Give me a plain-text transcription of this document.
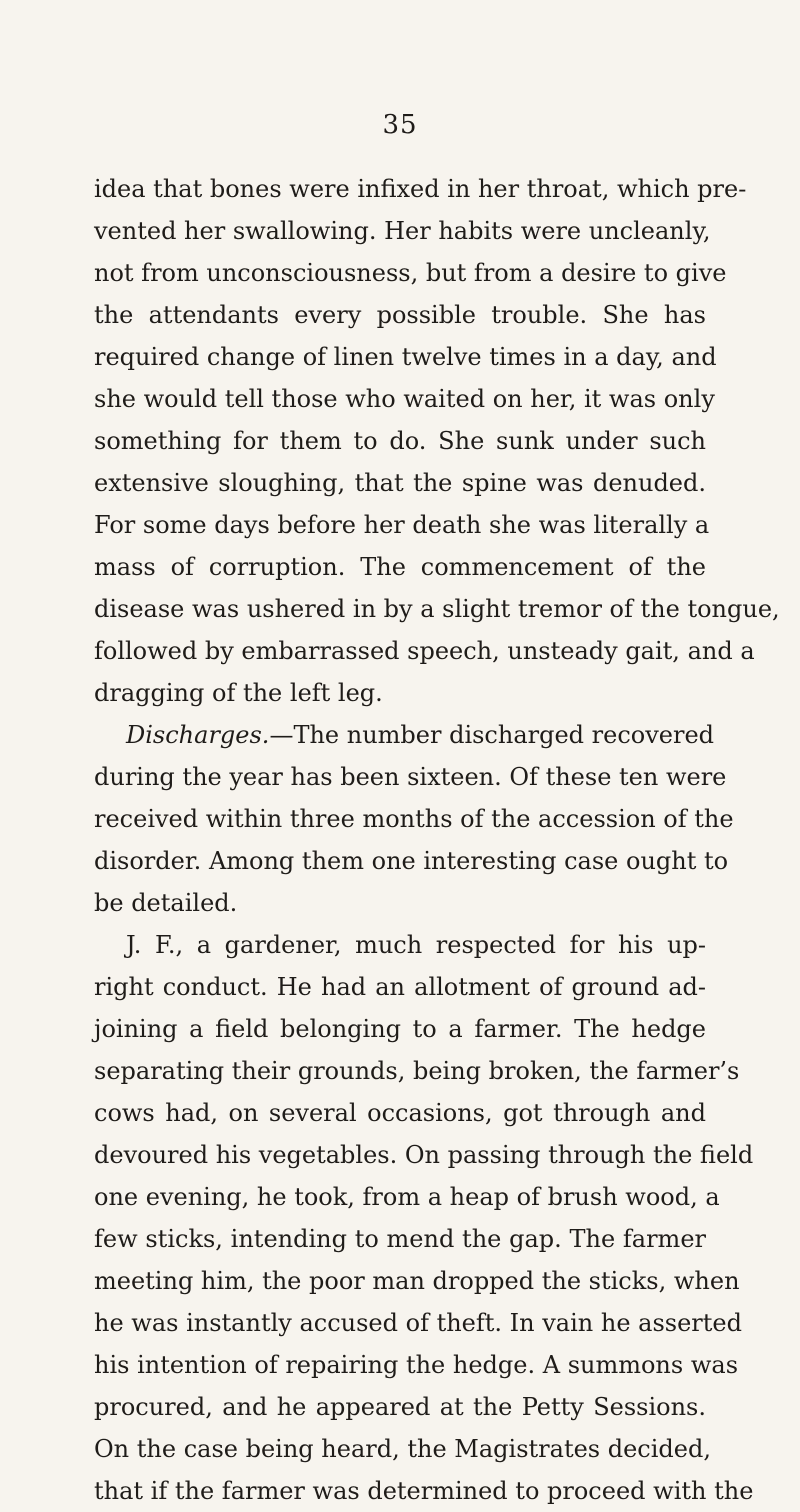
35
idea that bones were infixed in her throat, which pre-
vented her swallowing. Her habits were uncleanly,
not from unconsciousness, but from a desire to give
the attendants every possible trouble. She has
required change of linen twelve times in a day, and
she would tell those who waited on her, it was only
something for them to do. She sunk under such
extensive sloughing, that the spine was denuded.
For some days before her death she was literally a
mass of corruption. The commencement of the
disease was ushered in by a slight tremor of the tongue,
followed by embarrassed speech, unsteady gait, and a
dragging of the left leg.
Discharges.—The number discharged recovered
during the year has been sixteen. Of these ten were
received within three months of the accession of the
disorder. Among them one interesting case ought to
be detailed.
J. F., a gardener, much respected for his up-
right conduct. He had an allotment of ground ad-
joining a field belonging to a farmer. The hedge
separating their grounds, being broken, the farmer’s
cows had, on several occasions, got through and
devoured his vegetables. On passing through the field
one evening, he took, from a heap of brush wood, a
few sticks, intending to mend the gap. The farmer
meeting him, the poor man dropped the sticks, when
he was instantly accused of theft. In vain he asserted
his intention of repairing the hedge. A summons was
procured, and he appeared at the Petty Sessions.
On the case being heard, the Magistrates decided,
that if the farmer was determined to proceed with the
